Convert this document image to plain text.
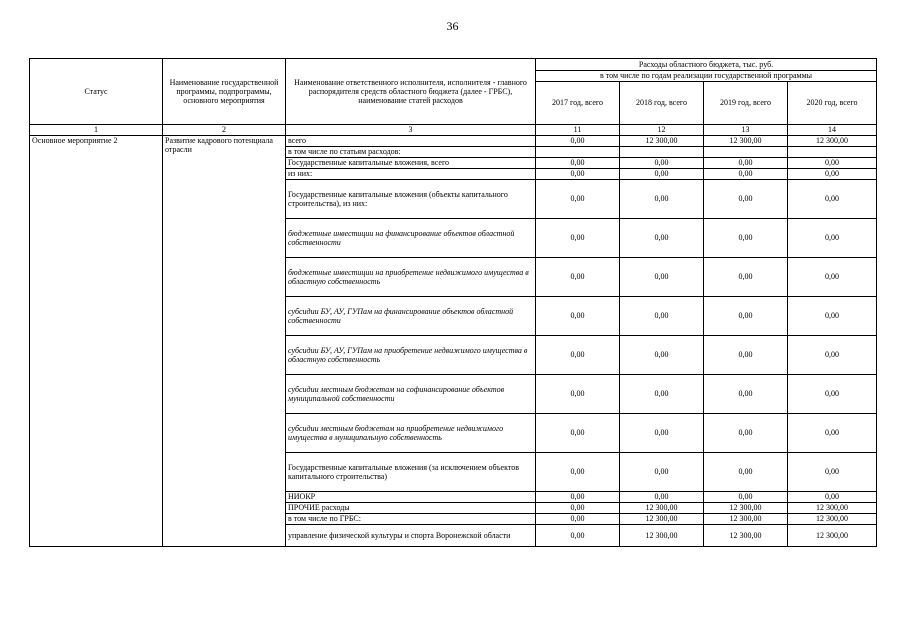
36
Статус	Наименование государственной программы, подпрограммы, основного мероприятия	Наименование ответственного исполнителя, исполнителя - главного распорядителя средств областного бюджета (далее - ГРБС), наименование статей расходов	Расходы областного бюджета, тыс. руб.			
			в том числе по годам реализации государственной программы			
			2017 год, всего	2018 год, всего	2019 год, всего	2020 год, всего
1	2	3	11	12	13	14
Основное мероприятие 2	Развитие кадрового потенциала отрасли	всего	0,00	12 300,00	12 300,00	12 300,00
		в том числе по статьям расходов:				
		Государственные капитальные вложения, всего	0,00	0,00	0,00	0,00
		из них:	0,00	0,00	0,00	0,00
		Государственные капитальные вложения (объекты капитального строительства), из них:	0,00	0,00	0,00	0,00
		бюджетные инвестиции на финансирование объектов областной собственности	0,00	0,00	0,00	0,00
		бюджетные инвестиции на приобретение недвижимого имущества в областную собственность	0,00	0,00	0,00	0,00
		субсидии БУ, АУ, ГУПам на финансирование объектов областной собственности	0,00	0,00	0,00	0,00
		субсидии БУ, АУ, ГУПам на приобретение недвижимого имущества в областную собственность	0,00	0,00	0,00	0,00
		субсидии местным бюджетам на софинансирование объектов муниципальной собственности	0,00	0,00	0,00	0,00
		субсидии местным бюджетам на приобретение недвижимого имущества в муниципальную собственность	0,00	0,00	0,00	0,00
		Государственные капитальные вложения (за исключением объектов капитального строительства)	0,00	0,00	0,00	0,00
		НИОКР	0,00	0,00	0,00	0,00
		ПРОЧИЕ расходы	0,00	12 300,00	12 300,00	12 300,00
		в том числе по ГРБС:	0,00	12 300,00	12 300,00	12 300,00
		управление физической культуры и спорта Воронежской области	0,00	12 300,00	12 300,00	12 300,00
